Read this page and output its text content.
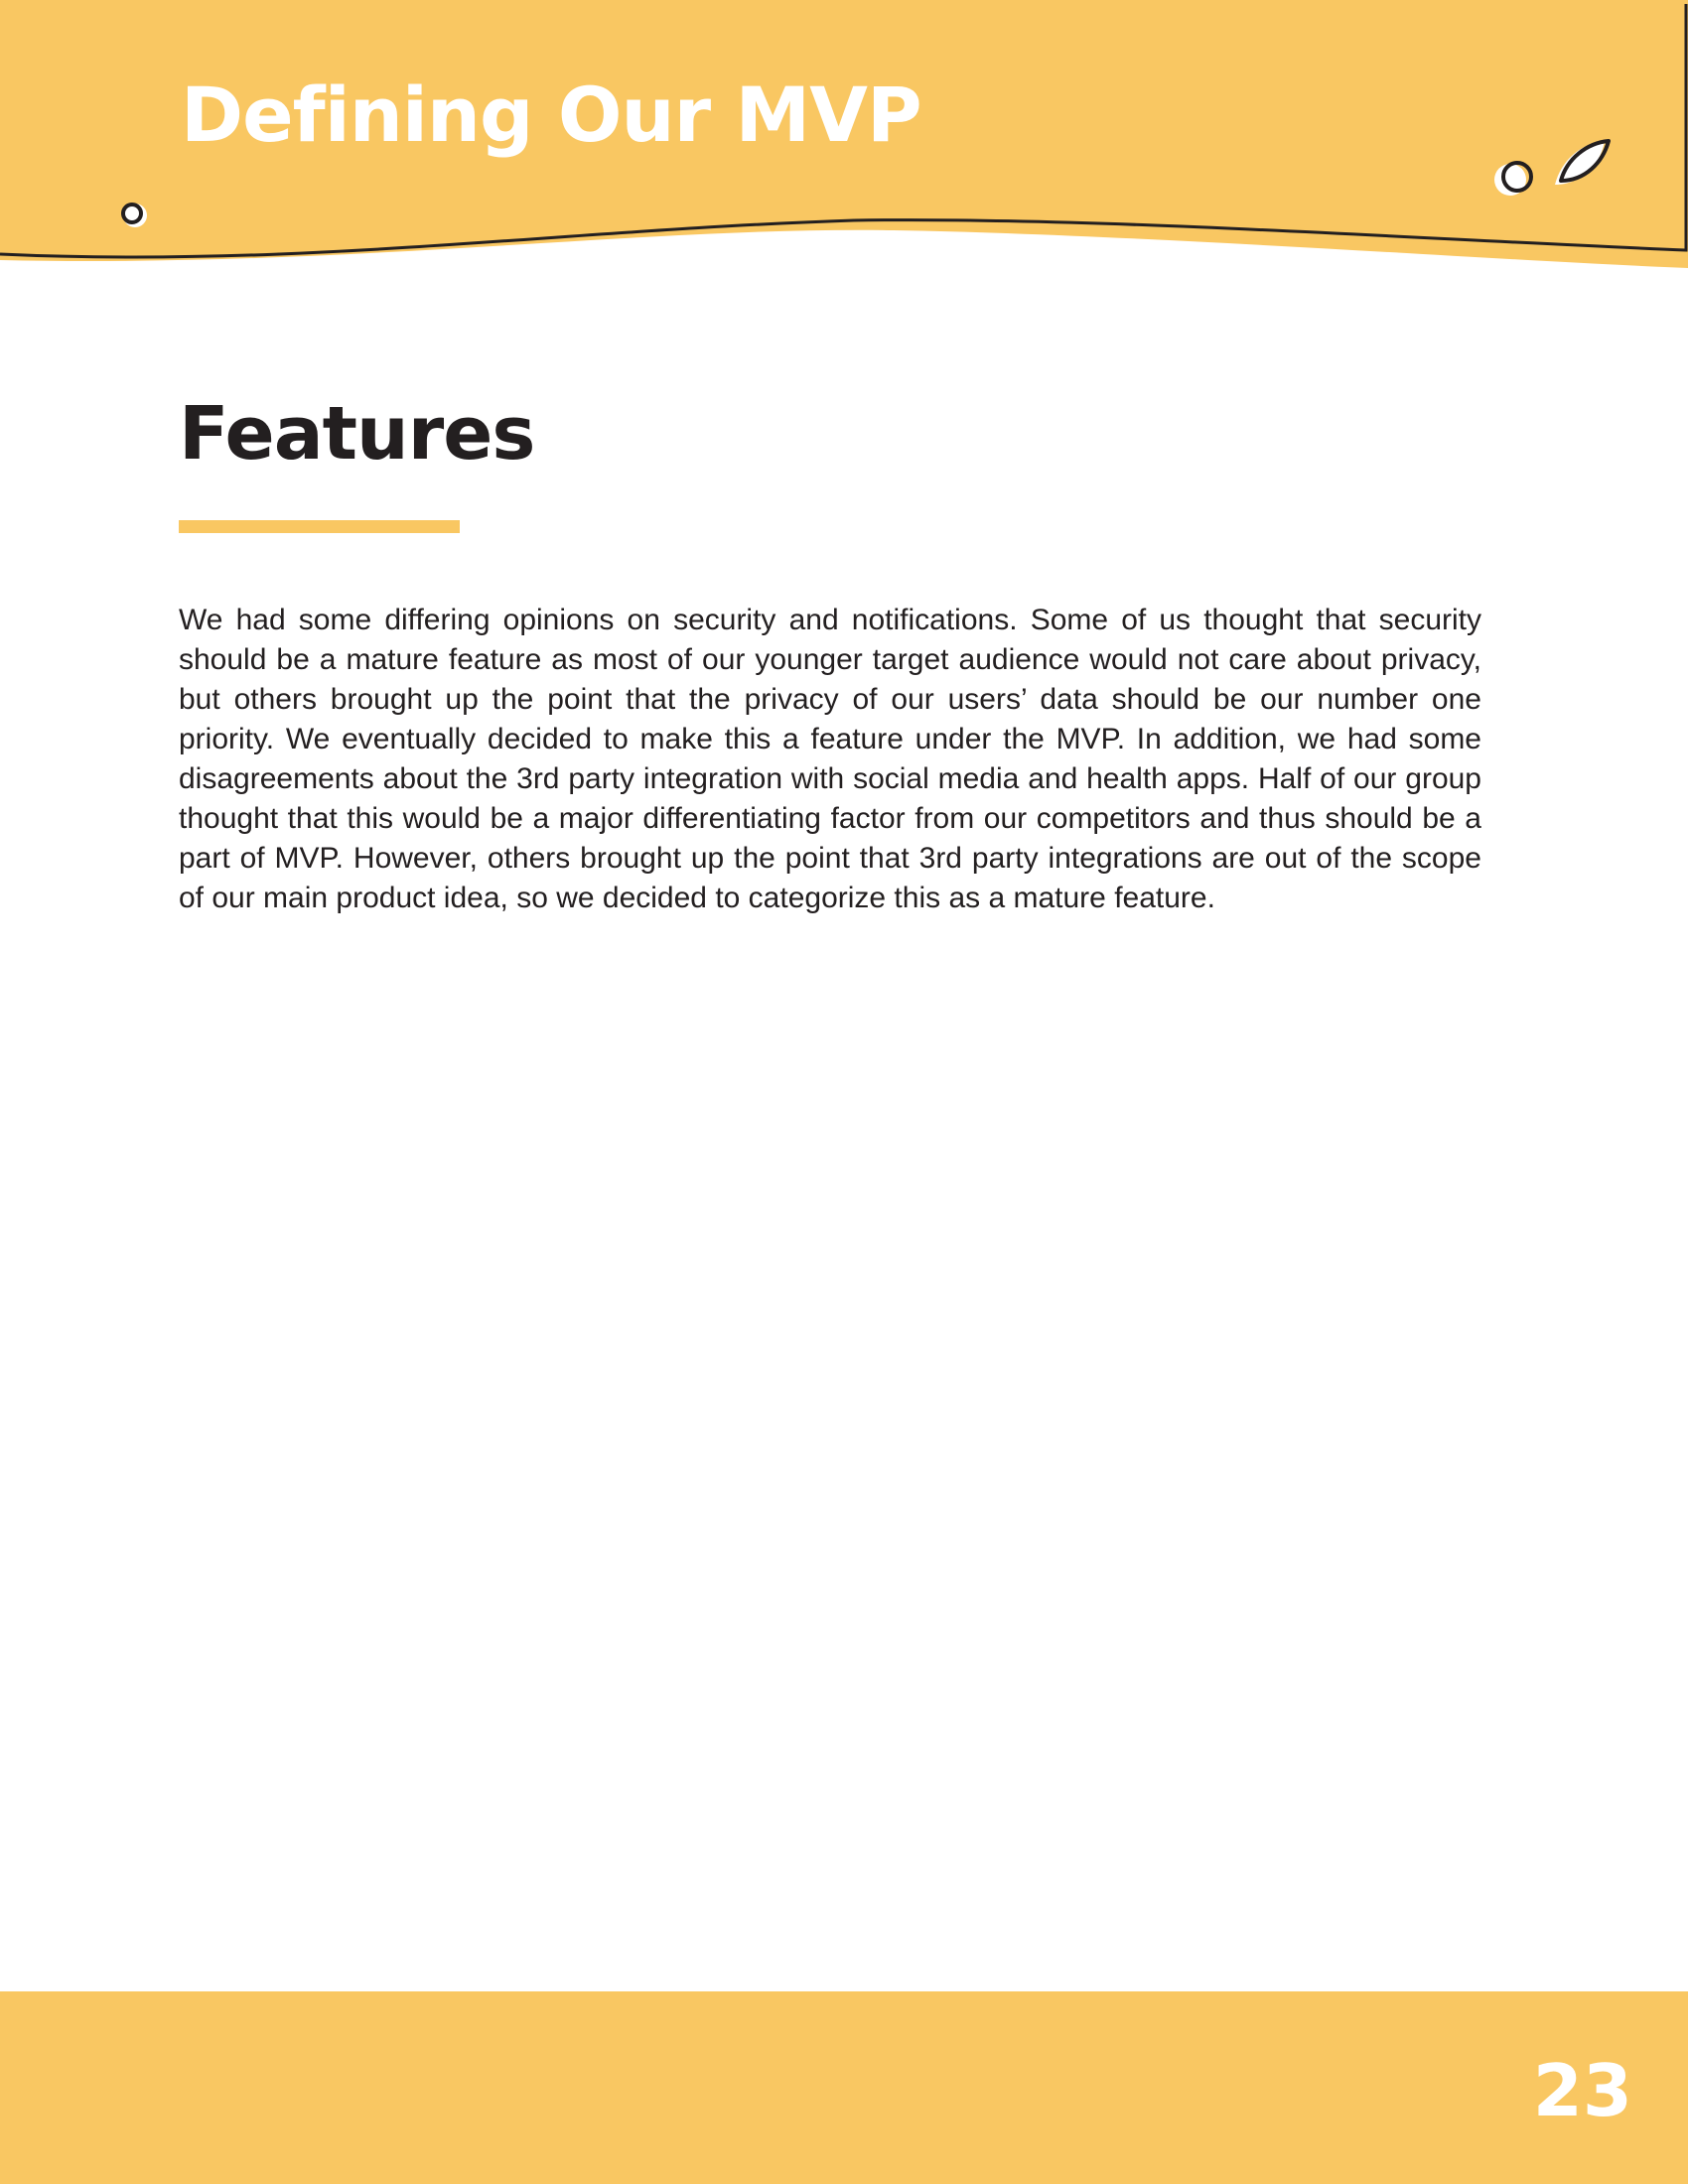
Defining Our MVP
Features

We had some differing opinions on security and notifications. Some of us thought that security should be a mature feature as most of our younger target audience would not care about privacy, but others brought up the point that the privacy of our users’ data should be our number one priority. We eventually decided to make this a feature under the MVP. In addition, we had some disagreements about the 3rd party integration with social media and health apps. Half of our group thought that this would be a major differentiating factor from our competitors and thus should be a part of MVP. However, others brought up the point that 3rd party integrations are out of the scope of our main product idea, so we decided to categorize this as a mature feature.

23
